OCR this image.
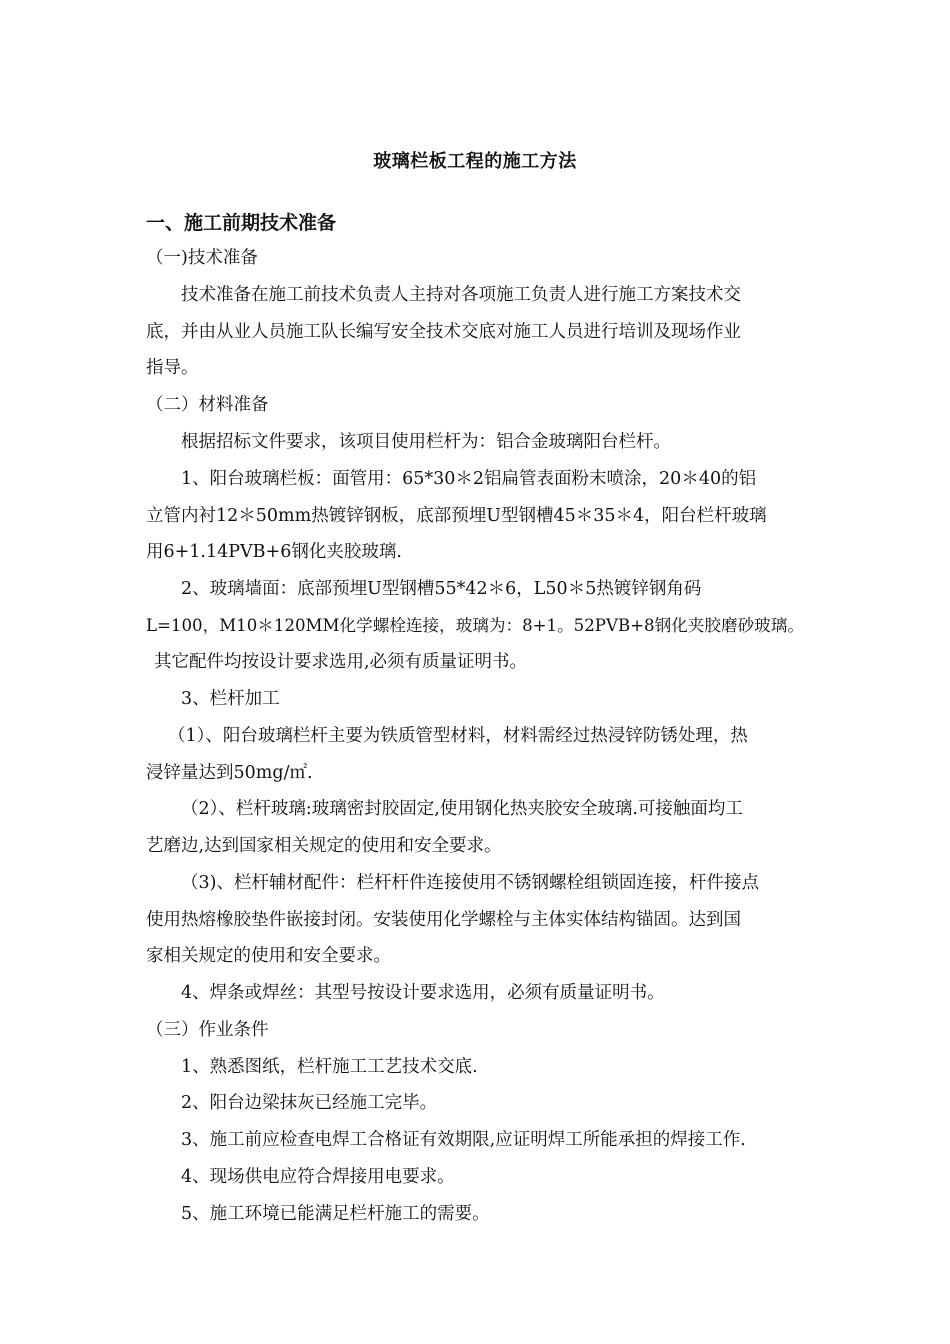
玻璃栏板工程的施工方法
一、施工前期技术准备
（一)技术准备
技术准备在施工前技术负责人主持对各项施工负责人进行施工方案技术交
底，并由从业人员施工队长编写安全技术交底对施工人员进行培训及现场作业
指导。
（二）材料准备
根据招标文件要求，该项目使用栏杆为：铝合金玻璃阳台栏杆。
1、阳台玻璃栏板：面管用：65*30＊2铝扁管表面粉末喷涂，20＊40的铝
立管内衬12＊50mm热镀锌钢板，底部预埋U型钢槽45＊35＊4，阳台栏杆玻璃
用6+1.14PVB+6钢化夹胶玻璃.
2、玻璃墙面：底部预埋U型钢槽55*42＊6，L50＊5热镀锌钢角码
L=100，M10＊120MM化学螺栓连接，玻璃为：8+1。52PVB+8钢化夹胶磨砂玻璃。
其它配件均按设计要求选用,必须有质量证明书。
3、栏杆加工
（1）、阳台玻璃栏杆主要为铁质管型材料，材料需经过热浸锌防锈处理，热
浸锌量达到50mg/㎡.
（2）、栏杆玻璃:玻璃密封胶固定,使用钢化热夹胶安全玻璃.可接触面均工
艺磨边,达到国家相关规定的使用和安全要求。
（3)、栏杆辅材配件：栏杆杆件连接使用不锈钢螺栓组锁固连接，杆件接点
使用热熔橡胶垫件嵌接封闭。安装使用化学螺栓与主体实体结构锚固。达到国
家相关规定的使用和安全要求。
4、焊条或焊丝：其型号按设计要求选用，必须有质量证明书。
（三）作业条件
1、熟悉图纸，栏杆施工工艺技术交底.
2、阳台边梁抹灰已经施工完毕。
3、施工前应检查电焊工合格证有效期限,应证明焊工所能承担的焊接工作.
4、现场供电应符合焊接用电要求。
5、施工环境已能满足栏杆施工的需要。
